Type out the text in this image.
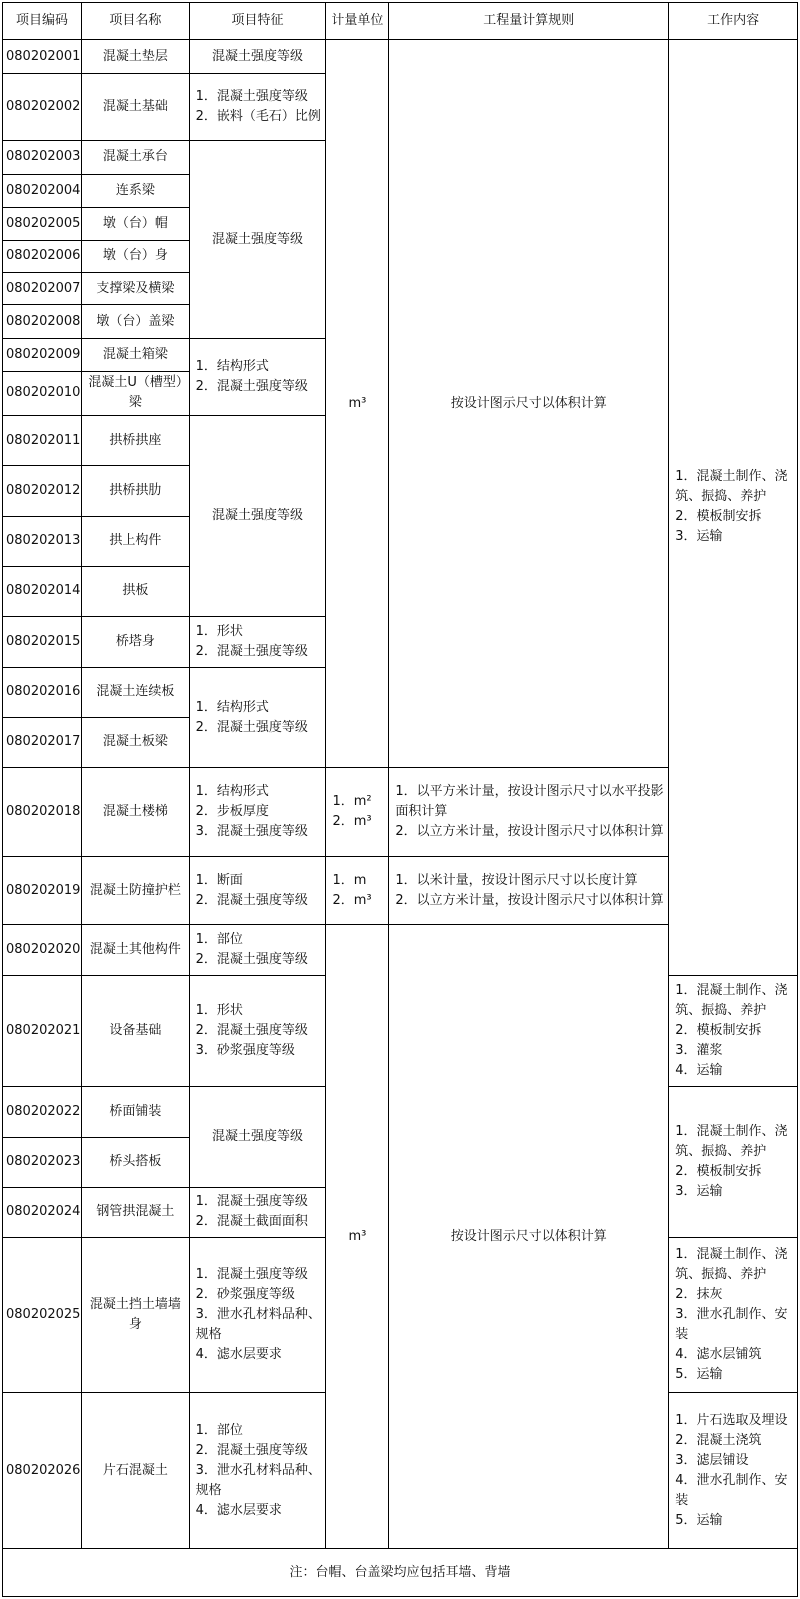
项目编码	项目名称	项目特征	计量单位	工程量计算规则	工作内容
080202001	混凝土垫层	混凝土强度等级	m³	按设计图示尺寸以体积计算	1．混凝土制作、浇筑、振捣、养护
2．模板制安拆
3．运输
080202002	混凝土基础	1．混凝土强度等级
2．嵌料（毛石）比例			
080202003	混凝土承台	混凝土强度等级			
080202004	连系梁				
080202005	墩（台）帽				
080202006	墩（台）身				
080202007	支撑梁及横梁				
080202008	墩（台）盖梁				
080202009	混凝土箱梁	1．结构形式
2．混凝土强度等级			
080202010	混凝土U（槽型）梁				
080202011	拱桥拱座	混凝土强度等级			
080202012	拱桥拱肋				
080202013	拱上构件				
080202014	拱板				
080202015	桥塔身	1．形状
2．混凝土强度等级			
080202016	混凝土连续板	1．结构形式
2．混凝土强度等级			
080202017	混凝土板梁				
080202018	混凝土楼梯	1．结构形式
2．步板厚度
3．混凝土强度等级	1．m²
2．m³	1．以平方米计量，按设计图示尺寸以水平投影面积计算
2．以立方米计量，按设计图示尺寸以体积计算	
080202019	混凝土防撞护栏	1．断面
2．混凝土强度等级	1．m
2．m³	1．以米计量，按设计图示尺寸以长度计算
2．以立方米计量，按设计图示尺寸以体积计算	
080202020	混凝土其他构件	1．部位
2．混凝土强度等级	m³	按设计图示尺寸以体积计算	
080202021	设备基础	1．形状
2．混凝土强度等级
3．砂浆强度等级			1．混凝土制作、浇筑、振捣、养护
2．模板制安拆
3．灌浆
4．运输
080202022	桥面铺装	混凝土强度等级			1．混凝土制作、浇筑、振捣、养护
2．模板制安拆
3．运输
080202023	桥头搭板				
080202024	钢管拱混凝土	1．混凝土强度等级
2．混凝土截面面积			
080202025	混凝土挡土墙墙身	1．混凝土强度等级
2．砂浆强度等级
3．泄水孔材料品种、规格
4．滤水层要求			1．混凝土制作、浇筑、振捣、养护
2．抹灰
3．泄水孔制作、安装
4．滤水层铺筑
5．运输
080202026	片石混凝土	1．部位
2．混凝土强度等级
3．泄水孔材料品种、规格
4．滤水层要求			1．片石选取及埋设
2．混凝土浇筑
3．滤层铺设
4．泄水孔制作、安装
5．运输
注：台帽、台盖梁均应包括耳墙、背墙					
